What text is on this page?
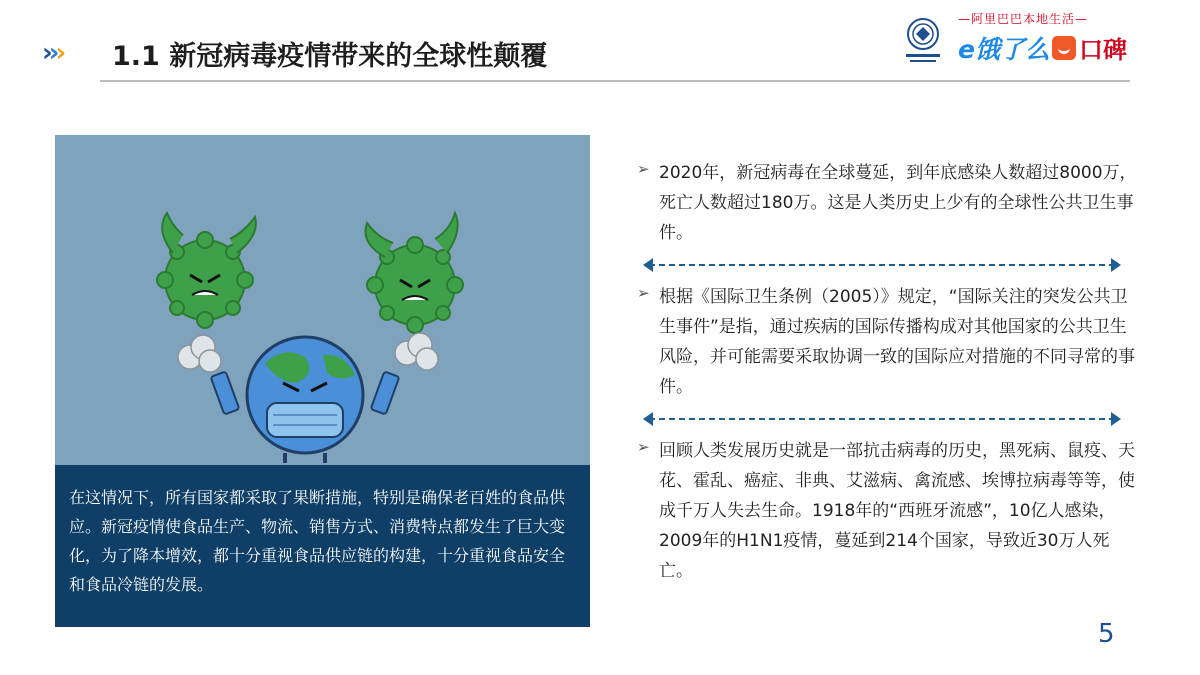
› › › 1.1 新冠病毒疫情带来的全球性颠覆
—阿里巴巴本地生活—
e饿了么 口碑

在这情况下，所有国家都采取了果断措施，特别是确保老百姓的食品供应。新冠疫情使食品生产、物流、销售方式、消费特点都发生了巨大变化，为了降本增效，都十分重视食品供应链的构建，十分重视食品安全和食品冷链的发展。

➢ 2020年，新冠病毒在全球蔓延，到年底感染人数超过8000万，死亡人数超过180万。这是人类历史上少有的全球性公共卫生事件。
➢ 根据《国际卫生条例（2005）》规定，“国际关注的突发公共卫生事件”是指，通过疾病的国际传播构成对其他国家的公共卫生风险，并可能需要采取协调一致的国际应对措施的不同寻常的事件。
➢ 回顾人类发展历史就是一部抗击病毒的历史，黑死病、鼠疫、天花、霍乱、癌症、非典、艾滋病、禽流感、埃博拉病毒等等，使成千万人失去生命。1918年的“西班牙流感”，10亿人感染，2009年的H1N1疫情，蔓延到214个国家，导致近30万人死亡。
5
